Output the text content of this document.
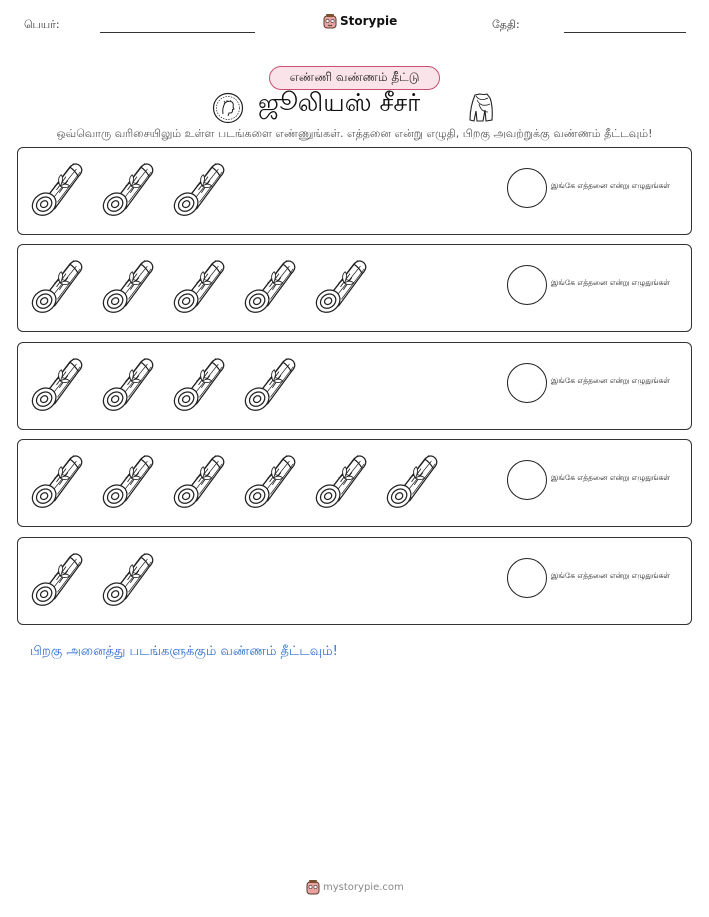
பெயர்:	Storypie	தேதி:
எண்ணி வண்ணம் தீட்டு
ஜூலியஸ் சீசர்
ஒவ்வொரு வரிசையிலும் உள்ள படங்களை எண்ணுங்கள். எத்தனை என்று எழுதி, பிறகு அவற்றுக்கு வண்ணம் தீட்டவும்!
இங்கே எத்தனை என்று எழுதுங்கள்
இங்கே எத்தனை என்று எழுதுங்கள்
இங்கே எத்தனை என்று எழுதுங்கள்
இங்கே எத்தனை என்று எழுதுங்கள்
இங்கே எத்தனை என்று எழுதுங்கள்
பிறகு அனைத்து படங்களுக்கும் வண்ணம் தீட்டவும்!
mystorypie.com
